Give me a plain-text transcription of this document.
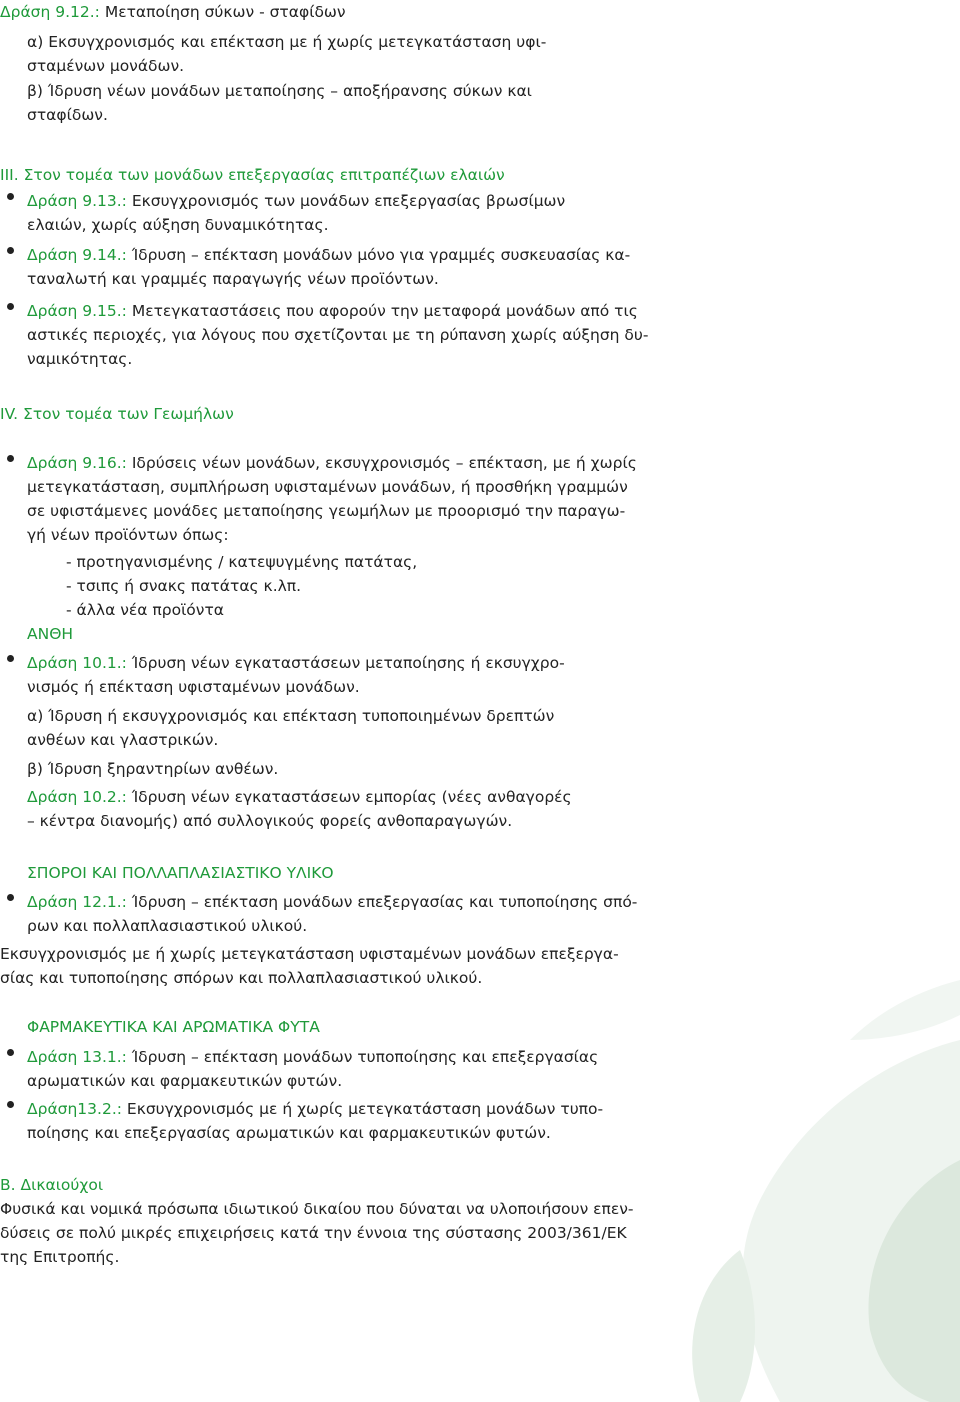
Δράση 9.12.: Μεταποίηση σύκων - σταφίδων
α) Εκσυγχρονισμός και επέκταση με ή χωρίς μετεγκατάσταση υφι-
σταμένων μονάδων.
β) Ίδρυση νέων μονάδων μεταποίησης – αποξήρανσης σύκων και
σταφίδων.
III. Στον τομέα των μονάδων επεξεργασίας επιτραπέζιων ελαιών
Δράση 9.13.: Εκσυγχρονισμός των μονάδων επεξεργασίας βρωσίμων
ελαιών, χωρίς αύξηση δυναμικότητας.
Δράση 9.14.: Ίδρυση – επέκταση μονάδων μόνο για γραμμές συσκευασίας κα-
ταναλωτή και γραμμές παραγωγής νέων προϊόντων.
Δράση 9.15.: Μετεγκαταστάσεις που αφορούν την μεταφορά μονάδων από τις
αστικές περιοχές, για λόγους που σχετίζονται με τη ρύπανση χωρίς αύξηση δυ-
ναμικότητας.
IV. Στον τομέα των Γεωμήλων
Δράση 9.16.: Ιδρύσεις νέων μονάδων, εκσυγχρονισμός – επέκταση, με ή χωρίς
μετεγκατάσταση, συμπλήρωση υφισταμένων μονάδων, ή προσθήκη γραμμών
σε υφιστάμενες μονάδες μεταποίησης γεωμήλων με προορισμό την παραγω-
γή νέων προϊόντων όπως:
- προτηγανισμένης / κατεψυγμένης πατάτας,
- τσιπς ή σνακς πατάτας κ.λπ.
- άλλα νέα προϊόντα
ΑΝΘΗ
Δράση 10.1.: Ίδρυση νέων εγκαταστάσεων μεταποίησης ή εκσυγχρο-
νισμός ή επέκταση υφισταμένων μονάδων.
α) Ίδρυση ή εκσυγχρονισμός και επέκταση τυποποιημένων δρεπτών
ανθέων και γλαστρικών.
β) Ίδρυση ξηραντηρίων ανθέων.
Δράση 10.2.: Ίδρυση νέων εγκαταστάσεων εμπορίας (νέες ανθαγορές
– κέντρα διανομής) από συλλογικούς φορείς ανθοπαραγωγών.
ΣΠΟΡΟΙ ΚΑΙ ΠΟΛΛΑΠΛΑΣΙΑΣΤΙΚΟ ΥΛΙΚΟ
Δράση 12.1.: Ίδρυση – επέκταση μονάδων επεξεργασίας και τυποποίησης σπό-
ρων και πολλαπλασιαστικού υλικού.
Εκσυγχρονισμός με ή χωρίς μετεγκατάσταση υφισταμένων μονάδων επεξεργα-
σίας και τυποποίησης σπόρων και πολλαπλασιαστικού υλικού.
ΦΑΡΜΑΚΕΥΤΙΚΑ ΚΑΙ ΑΡΩΜΑΤΙΚΑ ΦΥΤΑ
Δράση 13.1.: Ίδρυση – επέκταση μονάδων τυποποίησης και επεξεργασίας
αρωματικών και φαρμακευτικών φυτών.
Δράση13.2.: Εκσυγχρονισμός με ή χωρίς μετεγκατάσταση μονάδων τυπο-
ποίησης και επεξεργασίας αρωματικών και φαρμακευτικών φυτών.
Β. Δικαιούχοι
Φυσικά και νομικά πρόσωπα ιδιωτικού δικαίου που δύναται να υλοποιήσουν επεν-
δύσεις σε πολύ μικρές επιχειρήσεις κατά την έννοια της σύστασης 2003/361/ΕΚ
της Επιτροπής.
